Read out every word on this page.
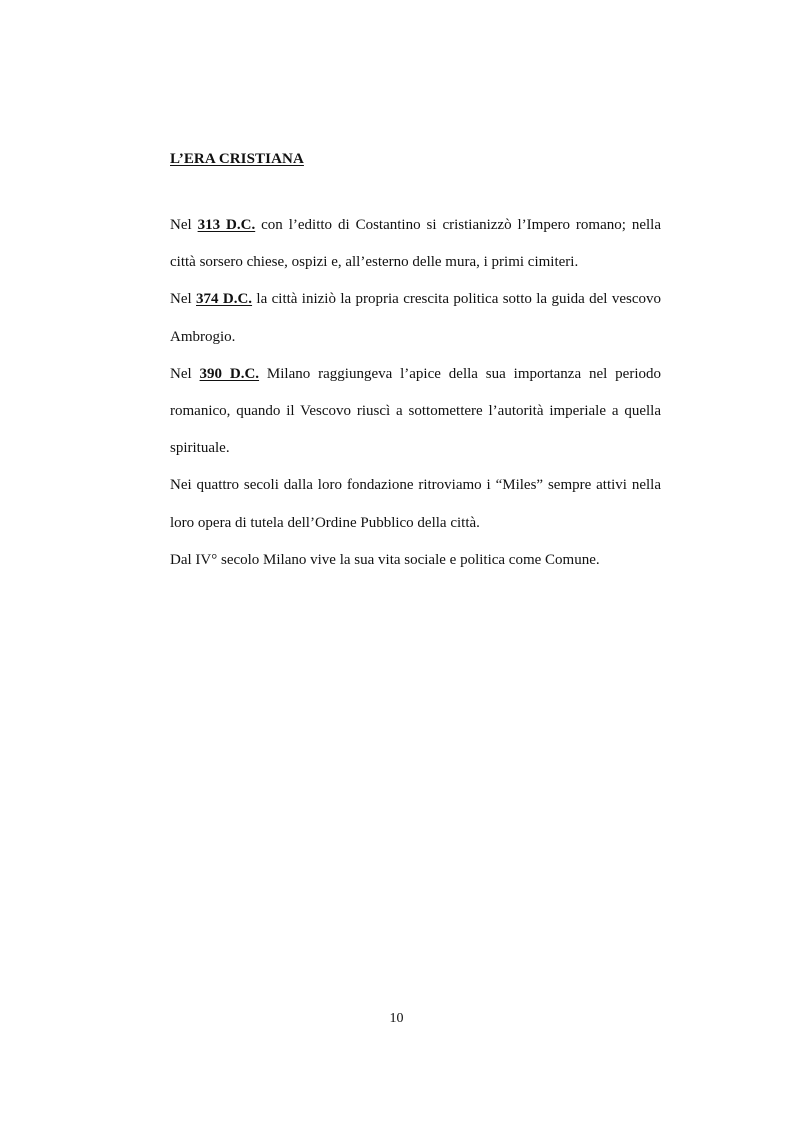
L’ERA CRISTIANA

Nel 313 D.C. con l’editto di Costantino si cristianizzò l’Impero romano; nella città sorsero chiese, ospizi e, all’esterno delle mura, i primi cimiteri.

Nel 374 D.C. la città iniziò la propria crescita politica sotto la guida del vescovo Ambrogio.

Nel 390 D.C. Milano raggiungeva l’apice della sua importanza nel periodo romanico, quando il Vescovo riuscì a sottomettere l’autorità imperiale a quella spirituale.

Nei quattro secoli dalla loro fondazione ritroviamo i “Miles” sempre attivi nella loro opera di tutela dell’Ordine Pubblico della città.

Dal IV° secolo Milano vive la sua vita sociale e politica come Comune.

10
